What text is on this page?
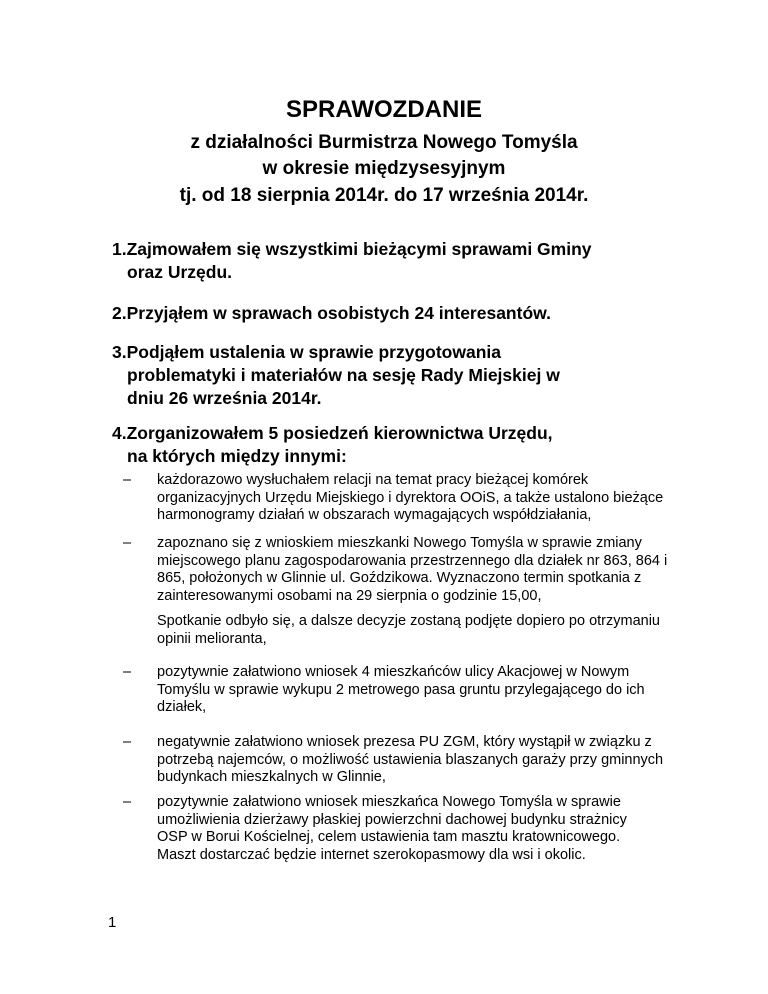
SPRAWOZDANIE
z działalności Burmistrza Nowego Tomyśla
w okresie międzysesyjnym
tj. od 18 sierpnia 2014r. do 17 września 2014r.
1.Zajmowałem się wszystkimi bieżącymi sprawami Gminy
oraz Urzędu.
2.Przyjąłem w sprawach osobistych 24 interesantów.
3.Podjąłem ustalenia w sprawie przygotowania
problematyki i materiałów na sesję Rady Miejskiej w
dniu 26 września 2014r.
4.Zorganizowałem 5 posiedzeń kierownictwa Urzędu,
na których między innymi:
– każdorazowo wysłuchałem relacji na temat pracy bieżącej komórek
organizacyjnych Urzędu Miejskiego i dyrektora OOiS, a także ustalono bieżące
harmonogramy działań w obszarach wymagających współdziałania,
– zapoznano się z wnioskiem mieszkanki Nowego Tomyśla w sprawie zmiany
miejscowego planu zagospodarowania przestrzennego dla działek nr 863, 864 i
865, położonych w Glinnie ul. Goździkowa. Wyznaczono termin spotkania z
zainteresowanymi osobami na 29 sierpnia o godzinie 15,00,
Spotkanie odbyło się, a dalsze decyzje zostaną podjęte dopiero po otrzymaniu
opinii melioranta,
– pozytywnie załatwiono wniosek 4 mieszkańców ulicy Akacjowej w Nowym
Tomyślu w sprawie wykupu 2 metrowego pasa gruntu przylegającego do ich
działek,
– negatywnie załatwiono wniosek prezesa PU ZGM, który wystąpił w związku z
potrzebą najemców, o możliwość ustawienia blaszanych garaży przy gminnych
budynkach mieszkalnych w Glinnie,
– pozytywnie załatwiono wniosek mieszkańca Nowego Tomyśla w sprawie
umożliwienia dzierżawy płaskiej powierzchni dachowej budynku strażnicy
OSP w Borui Kościelnej, celem ustawienia tam masztu kratownicowego.
Maszt dostarczać będzie internet szerokopasmowy dla wsi i okolic.
1
